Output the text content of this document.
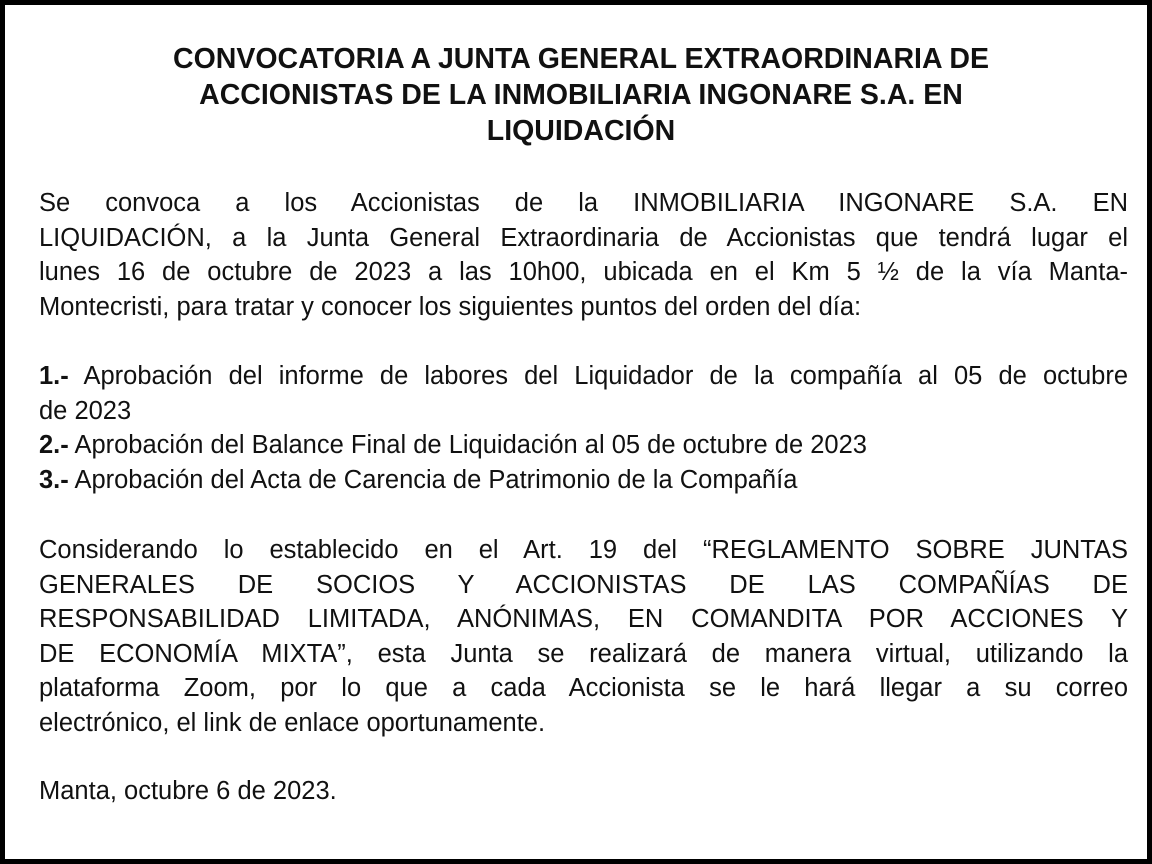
CONVOCATORIA A JUNTA GENERAL EXTRAORDINARIA DE
ACCIONISTAS DE LA INMOBILIARIA INGONARE S.A. EN
LIQUIDACIÓN

Se convoca a los Accionistas de la INMOBILIARIA INGONARE S.A. EN
LIQUIDACIÓN, a la Junta General Extraordinaria de Accionistas que tendrá lugar el
lunes 16 de octubre de 2023 a las 10h00, ubicada en el Km 5 ½ de la vía Manta-
Montecristi, para tratar y conocer los siguientes puntos del orden del día:

1.- Aprobación del informe de labores del Liquidador de la compañía al 05 de octubre
de 2023
2.- Aprobación del Balance Final de Liquidación al 05 de octubre de 2023
3.- Aprobación del Acta de Carencia de Patrimonio de la Compañía

Considerando lo establecido en el Art. 19 del “REGLAMENTO SOBRE JUNTAS
GENERALES DE SOCIOS Y ACCIONISTAS DE LAS COMPAÑÍAS DE
RESPONSABILIDAD LIMITADA, ANÓNIMAS, EN COMANDITA POR ACCIONES Y
DE ECONOMÍA MIXTA”, esta Junta se realizará de manera virtual, utilizando la
plataforma Zoom, por lo que a cada Accionista se le hará llegar a su correo
electrónico, el link de enlace oportunamente.

Manta, octubre 6 de 2023.
